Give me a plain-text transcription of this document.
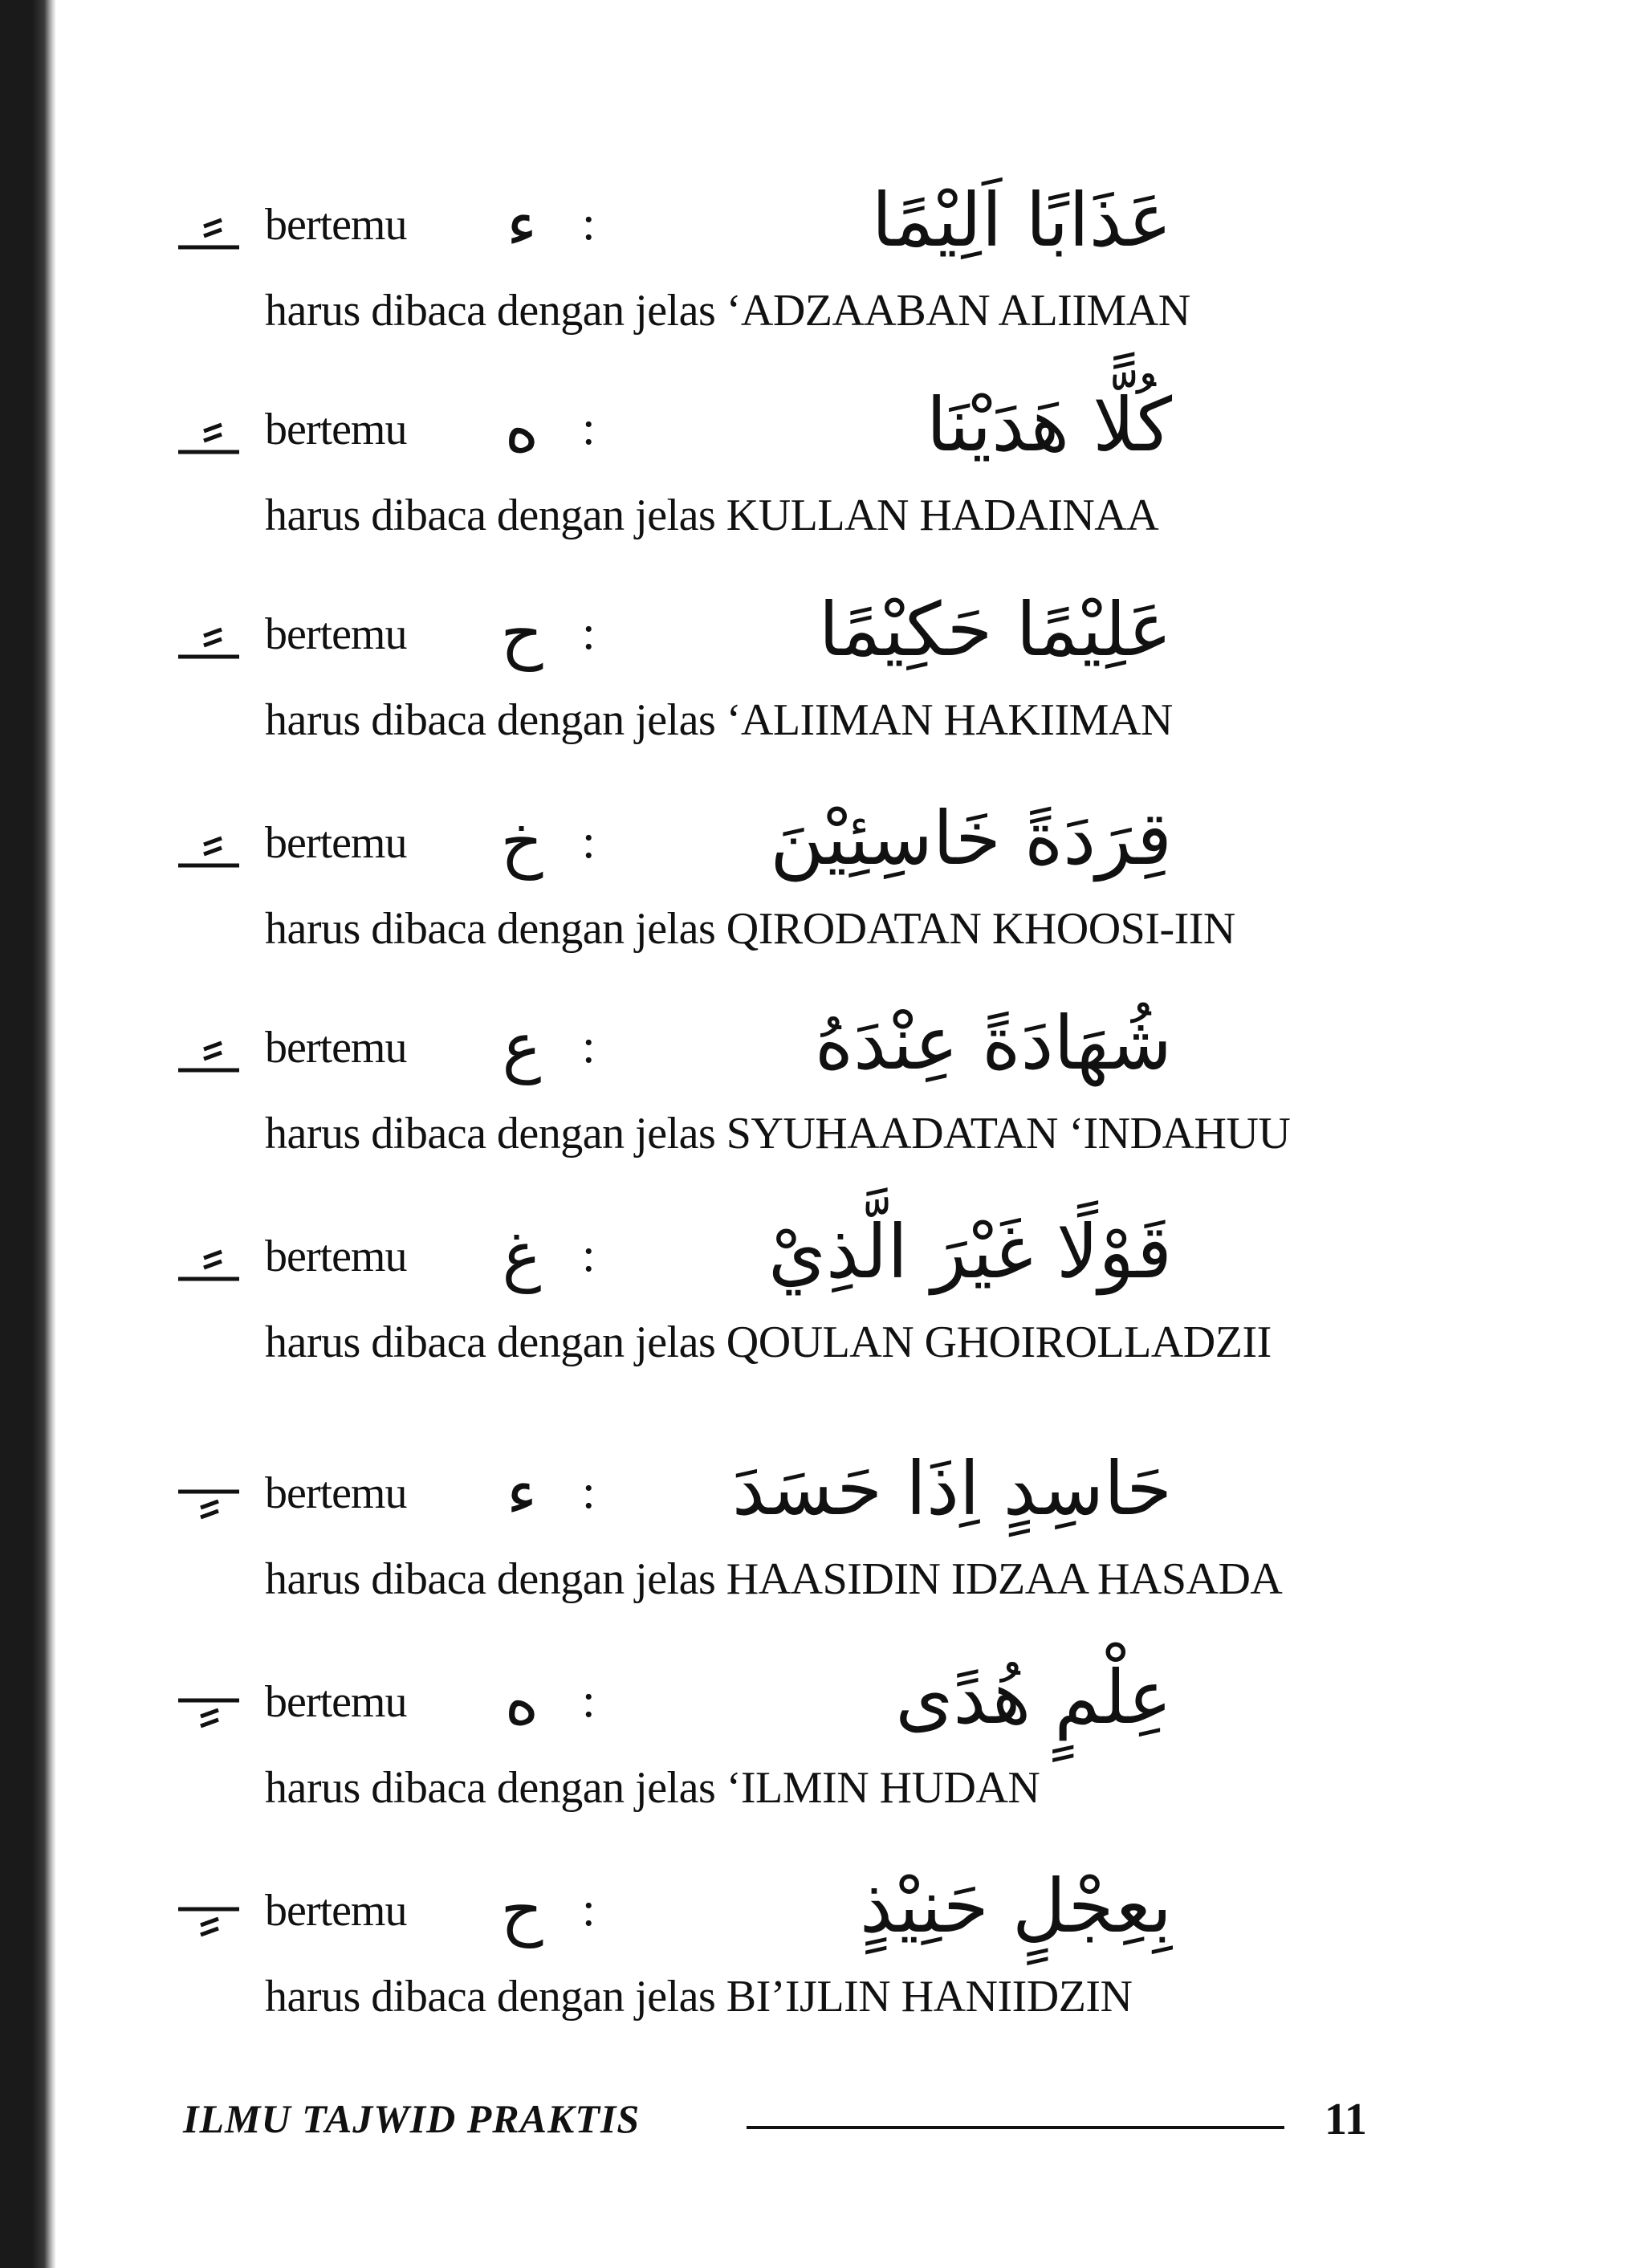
bertemu	ء :	عَذَابًا اَلِيْمًا
harus dibaca dengan jelas ‘ADZAABAN ALIIMAN
bertemu	ه :	كُلًّا هَدَيْنَا
harus dibaca dengan jelas KULLAN HADAINAA
bertemu	ح :	عَلِيْمًا حَكِيْمًا
harus dibaca dengan jelas ‘ALIIMAN HAKIIMAN
bertemu	خ :	قِرَدَةً خَاسِئِيْنَ
harus dibaca dengan jelas QIRODATAN KHOOSI-IIN
bertemu	ع :	شُهَادَةً عِنْدَهُ
harus dibaca dengan jelas SYUHAADATAN ‘INDAHUU
bertemu	غ :	قَوْلًا غَيْرَ الَّذِيْ
harus dibaca dengan jelas QOULAN GHOIROLLADZII
bertemu	ء :	حَاسِدٍ اِذَا حَسَدَ
harus dibaca dengan jelas HAASIDIN IDZAA HASADA
bertemu	ه :	عِلْمٍ هُدًى
harus dibaca dengan jelas ‘ILMIN HUDAN
bertemu	ح :	بِعِجْلٍ حَنِيْذٍ
harus dibaca dengan jelas BI’IJLIN HANIIDZIN
ILMU TAJWID PRAKTIS	11
